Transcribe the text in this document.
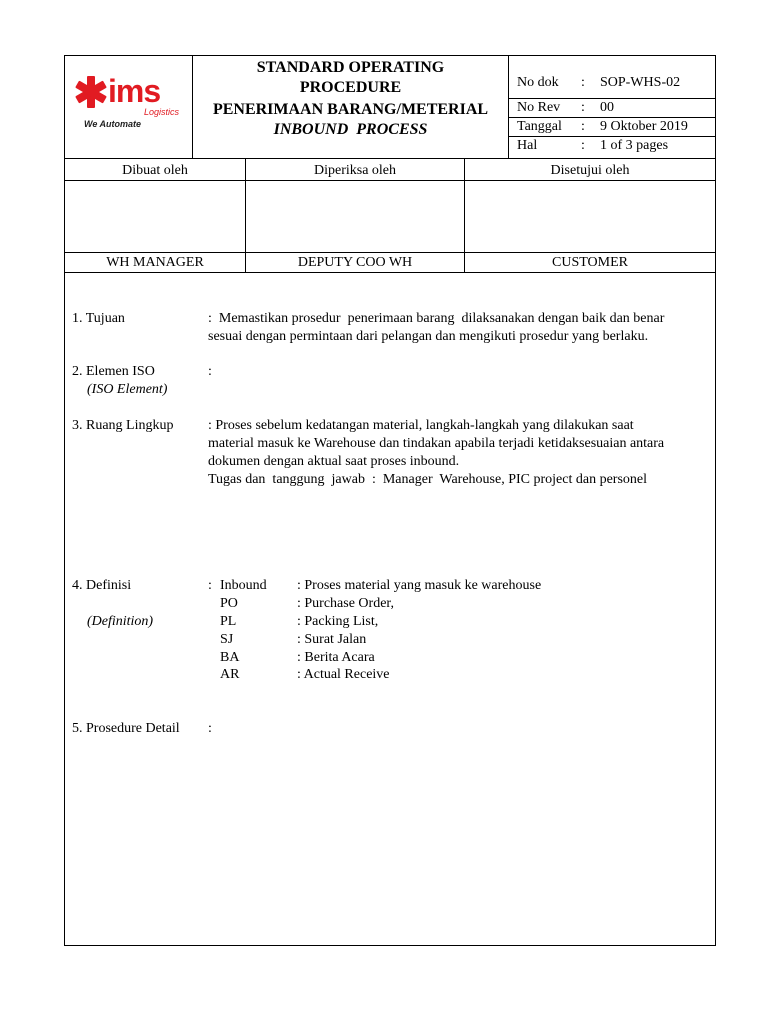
ims
Logistics
We Automate
STANDARD OPERATING
PROCEDURE
PENERIMAAN BARANG/METERIAL
INBOUND  PROCESS
No dok : SOP-WHS-02
No Rev : 00
Tanggal : 9 Oktober 2019
Hal	: 1 of 3 pages
Dibuat oleh	Diperiksa oleh	Disetujui oleh
WH MANAGER	DEPUTY COO WH	CUSTOMER
1. Tujuan	:  Memastikan prosedur  penerimaan barang  dilaksanakan dengan baik dan benar
sesuai dengan permintaan dari pelangan dan mengikuti prosedur yang berlaku.
2. Elemen ISO
(ISO Element)
:
3. Ruang Lingkup : Proses sebelum kedatangan material, langkah-langkah yang dilakukan saat
material masuk ke Warehouse dan tindakan apabila terjadi ketidaksesuaian antara
dokumen dengan aktual saat proses inbound.
Tugas dan  tanggung  jawab  :  Manager  Warehouse, PIC project dan personel
4. Definisi
(Definition)
: Inbound : Proses material yang masuk ke warehouse
PO	: Purchase Order,
PL	: Packing List,
SJ	: Surat Jalan
BA	: Berita Acara
AR	: Actual Receive
5. Prosedure Detail :
